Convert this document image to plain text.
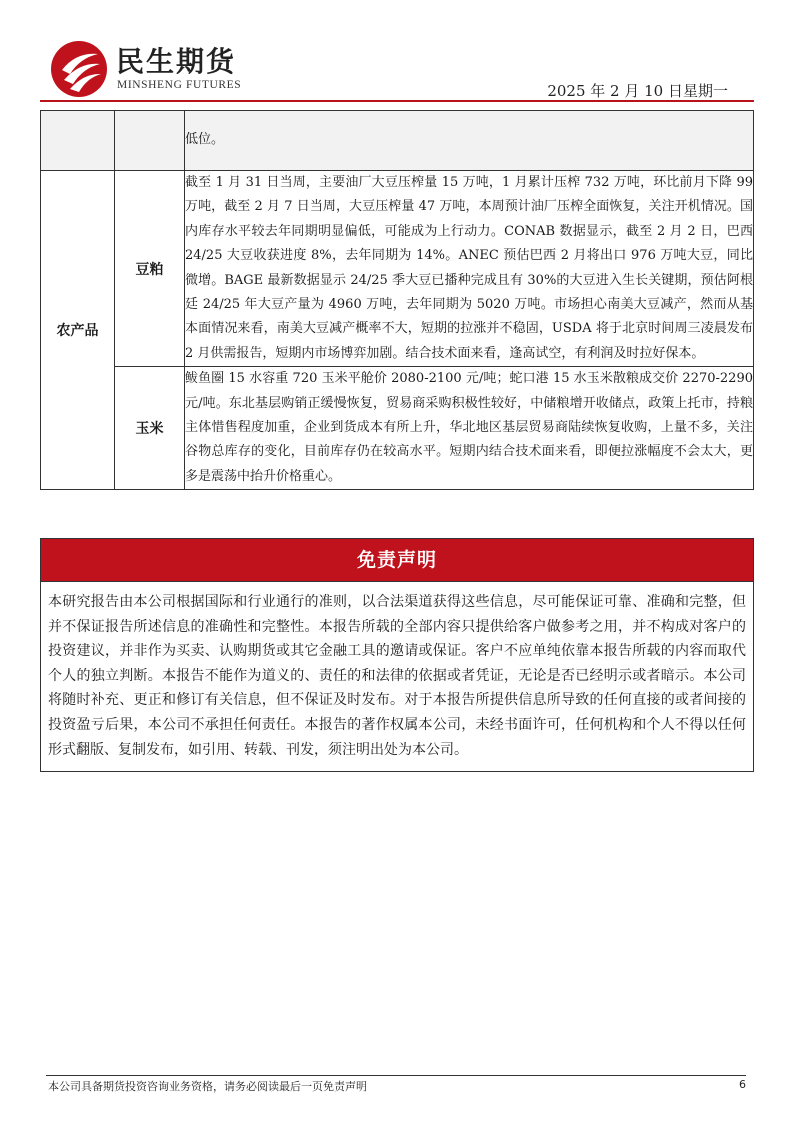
民生期货
MINSHENG FUTURES	2025 年 2 月 10 日星期一
		低位。
农产品	豆粕	截至 1 月 31 日当周，主要油厂大豆压榨量 15 万吨，1 月累计压榨 732 万吨，环比前月下降 99 万吨，截至 2 月 7 日当周，大豆压榨量 47 万吨，本周预计油厂压榨全面恢复，关注开机情况。国内库存水平较去年同期明显偏低，可能成为上行动力。CONAB 数据显示，截至 2 月 2 日，巴西 24/25 大豆收获进度 8%，去年同期为 14%。ANEC 预估巴西 2 月将出口 976 万吨大豆，同比微增。BAGE 最新数据显示 24/25 季大豆已播种完成且有 30%的大豆进入生长关键期，预估阿根廷 24/25 年大豆产量为 4960 万吨，去年同期为 5020 万吨。市场担心南美大豆减产，然而从基本面情况来看，南美大豆减产概率不大，短期的拉涨并不稳固，USDA 将于北京时间周三凌晨发布 2 月供需报告，短期内市场博弈加剧。结合技术面来看，逢高试空，有利润及时拉好保本。
	玉米	鲅鱼圈 15 水容重 720 玉米平舱价 2080-2100 元/吨；蛇口港 15 水玉米散粮成交价 2270-2290 元/吨。东北基层购销正缓慢恢复，贸易商采购积极性较好，中储粮增开收储点，政策上托市，持粮主体惜售程度加重，企业到货成本有所上升，华北地区基层贸易商陆续恢复收购，上量不多，关注谷物总库存的变化，目前库存仍在较高水平。短期内结合技术面来看，即便拉涨幅度不会太大，更多是震荡中抬升价格重心。
免责声明
本研究报告由本公司根据国际和行业通行的准则，以合法渠道获得这些信息，尽可能保证可靠、准确和完整，但并不保证报告所述信息的准确性和完整性。本报告所载的全部内容只提供给客户做参考之用，并不构成对客户的投资建议，并非作为买卖、认购期货或其它金融工具的邀请或保证。客户不应单纯依靠本报告所载的内容而取代个人的独立判断。本报告不能作为道义的、责任的和法律的依据或者凭证，无论是否已经明示或者暗示。本公司将随时补充、更正和修订有关信息，但不保证及时发布。对于本报告所提供信息所导致的任何直接的或者间接的投资盈亏后果，本公司不承担任何责任。本报告的著作权属本公司，未经书面许可，任何机构和个人不得以任何形式翻版、复制发布，如引用、转载、刊发，须注明出处为本公司。
本公司具备期货投资咨询业务资格，请务必阅读最后一页免责声明	6
